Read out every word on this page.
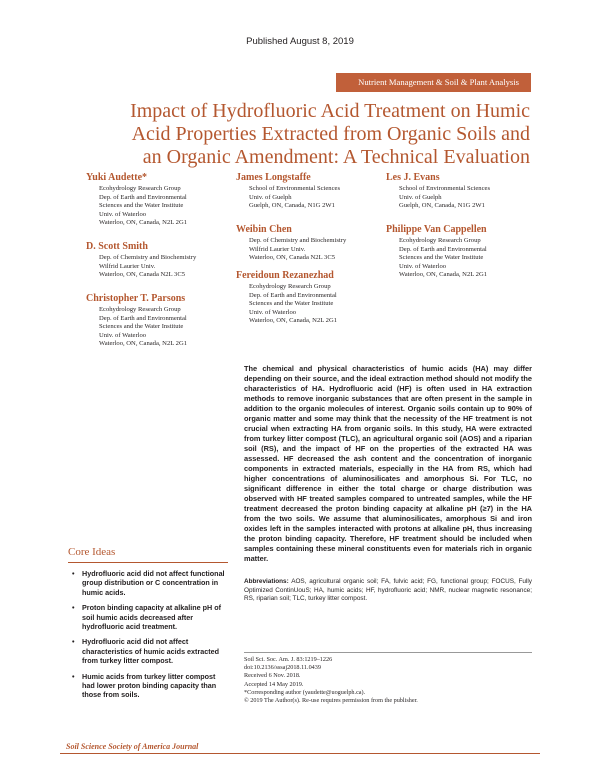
Published August 8, 2019
Nutrient Management & Soil & Plant Analysis
Impact of Hydrofluoric Acid Treatment on Humic
Acid Properties Extracted from Organic Soils and
an Organic Amendment: A Technical Evaluation
Yuki Audette*
Ecohydrology Research Group
Dep. of Earth and Environmental
Sciences and the Water Institute
Univ. of Waterloo
Waterloo, ON, Canada, N2L 2G1
D. Scott Smith
Dep. of Chemistry and Biochemistry
Wilfrid Laurier Univ.
Waterloo, ON, Canada N2L 3C5
Christopher T. Parsons
Ecohydrology Research Group
Dep. of Earth and Environmental
Sciences and the Water Institute
Univ. of Waterloo
Waterloo, ON, Canada, N2L 2G1
James Longstaffe
School of Environmental Sciences
Univ. of Guelph
Guelph, ON, Canada, N1G 2W1
Weibin Chen
Dep. of Chemistry and Biochemistry
Wilfrid Laurier Univ.
Waterloo, ON, Canada N2L 3C5
Fereidoun Rezanezhad
Ecohydrology Research Group
Dep. of Earth and Environmental
Sciences and the Water Institute
Univ. of Waterloo
Waterloo, ON, Canada, N2L 2G1
Les J. Evans
School of Environmental Sciences
Univ. of Guelph
Guelph, ON, Canada, N1G 2W1
Philippe Van Cappellen
Ecohydrology Research Group
Dep. of Earth and Environmental
Sciences and the Water Institute
Univ. of Waterloo
Waterloo, ON, Canada, N2L 2G1
The chemical and physical characteristics of humic acids (HA) may differ depending on their source, and the ideal extraction method should not modify the characteristics of HA. Hydrofluoric acid (HF) is often used in HA extraction methods to remove inorganic substances that are often present in the sample in addition to the organic molecules of interest. Organic soils contain up to 90% of organic matter and some may think that the necessity of the HF treatment is not crucial when extracting HA from organic soils. In this study, HA were extracted from turkey litter compost (TLC), an agricultural organic soil (AOS) and a riparian soil (RS), and the impact of HF on the properties of the extracted HA was assessed. HF decreased the ash content and the concentration of inorganic components in extracted materials, especially in the HA from RS, which had higher concentrations of aluminosilicates and amorphous Si. For TLC, no significant difference in either the total charge or charge distribution was observed with HF treated samples compared to untreated samples, while the HF treatment decreased the proton binding capacity at alkaline pH (≥7) in the HA from the two soils. We assume that aluminosilicates, amorphous Si and iron oxides left in the samples interacted with protons at alkaline pH, thus increasing the proton binding capacity. Therefore, HF treatment should be included when samples containing these mineral constituents even for materials rich in organic matter.
Abbreviations: AOS, agricultural organic soil; FA, fulvic acid; FG, functional group; FOCUS, Fully Optimized ContinUouS; HA, humic acids; HF, hydrofluoric acid; NMR, nuclear magnetic resonance; RS, riparian soil; TLC, turkey litter compost.
Soil Sci. Soc. Am. J. 83:1219–1226
doi:10.2136/sssaj2018.11.0439
Received 6 Nov. 2018.
Accepted 14 May 2019.
*Corresponding author (yaudette@uoguelph.ca).
© 2019 The Author(s). Re-use requires permission from the publisher.
Core Ideas
• Hydrofluoric acid did not affect functional group distribution or C concentration in humic acids.
• Proton binding capacity at alkaline pH of soil humic acids decreased after hydrofluoric acid treatment.
• Hydrofluoric acid did not affect characteristics of humic acids extracted from turkey litter compost.
• Humic acids from turkey litter compost had lower proton binding capacity than those from soils.
Soil Science Society of America Journal
